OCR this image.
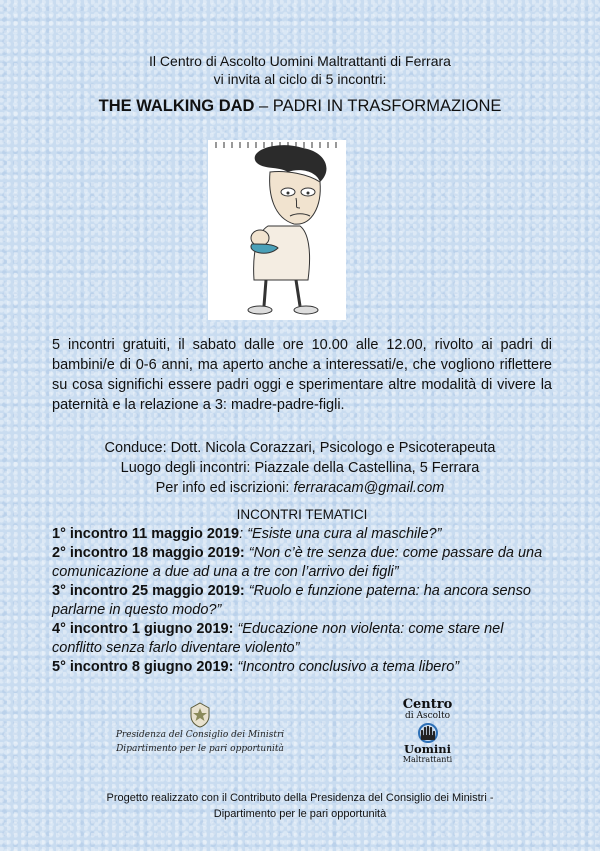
Il Centro di Ascolto Uomini Maltrattanti di Ferrara
vi invita al ciclo di 5 incontri:
THE WALKING DAD – PADRI IN TRASFORMAZIONE
5 incontri gratuiti, il sabato dalle ore 10.00 alle 12.00, rivolto ai padri di bambini/e di 0-6 anni, ma aperto anche a interessati/e, che vogliono riflettere su cosa significhi essere padri oggi e sperimentare altre modalità di vivere la paternità e la relazione a 3: madre-padre-figli.
Conduce: Dott. Nicola Corazzari, Psicologo e Psicoterapeuta
Luogo degli incontri: Piazzale della Castellina, 5 Ferrara
Per info ed iscrizioni: ferraracam@gmail.com
INCONTRI TEMATICI
1° incontro 11 maggio 2019: “Esiste una cura al maschile?”
2° incontro 18 maggio 2019: “Non c’è tre senza due: come passare da una comunicazione a due ad una a tre con l’arrivo dei figli”
3° incontro 25 maggio 2019: “Ruolo e funzione paterna: ha ancora senso parlarne in questo modo?”
4° incontro 1 giugno 2019: “Educazione non violenta: come stare nel conflitto senza farlo diventare violento”
5° incontro 8 giugno 2019: “Incontro conclusivo a tema libero”
Presidenza del Consiglio dei Ministri
Dipartimento per le pari opportunità
Centro
di Ascolto
Uomini
Maltrattanti
Progetto realizzato con il Contributo della Presidenza del Consiglio dei Ministri -
Dipartimento per le pari opportunità
